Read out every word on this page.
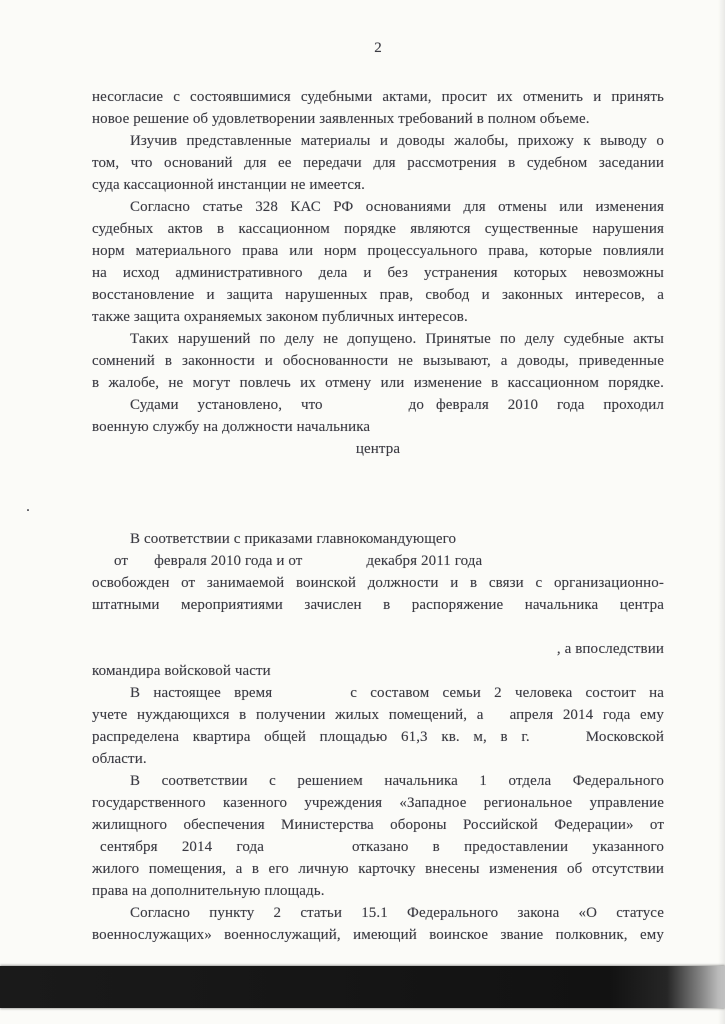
2
несогласие с состоявшимися судебными актами, просит их отменить и принять
новое решение об удовлетворении заявленных требований в полном объеме.
Изучив представленные материалы и доводы жалобы, прихожу к выводу о
том, что оснований для ее передачи для рассмотрения в судебном заседании
суда кассационной инстанции не имеется.
Согласно статье 328 КАС РФ основаниями для отмены или изменения
судебных актов в кассационном порядке являются существенные нарушения
норм материального права или норм процессуального права, которые повлияли
на исход административного дела и без устранения которых невозможны
восстановление и защита нарушенных прав, свобод и законных интересов, а
также защита охраняемых законом публичных интересов.
Таких нарушений по делу не допущено. Принятые по делу судебные акты
сомнений в законности и обоснованности не вызывают, а доводы, приведенные
в жалобе, не могут повлечь их отмену или изменение в кассационном порядке.
Судами установлено, что	до февраля 2010 года проходил
военную службу на должности начальника
центра
В соответствии с приказами главнокомандующего
от февраля 2010 года и от	декабря 2011 года
освобожден от занимаемой воинской должности и в связи с организационно-
штатными мероприятиями зачислен в распоряжение начальника центра
, а впоследствии
командира войсковой части
В настоящее время	с составом семьи 2 человека состоит на
учете нуждающихся в получении жилых помещений, а апреля 2014 года ему
распределена квартира общей площадью 61,3 кв. м, в г.	Московской
области.
В соответствии с решением начальника 1 отдела Федерального
государственного казенного учреждения «Западное региональное управление
жилищного обеспечения Министерства обороны Российской Федерации» от
сентября 2014 года	отказано в предоставлении указанного
жилого помещения, а в его личную карточку внесены изменения об отсутствии
права на дополнительную площадь.
Согласно пункту 2 статьи 15.1 Федерального закона «О статусе
военнослужащих» военнослужащий, имеющий воинское звание полковник, ему
.
